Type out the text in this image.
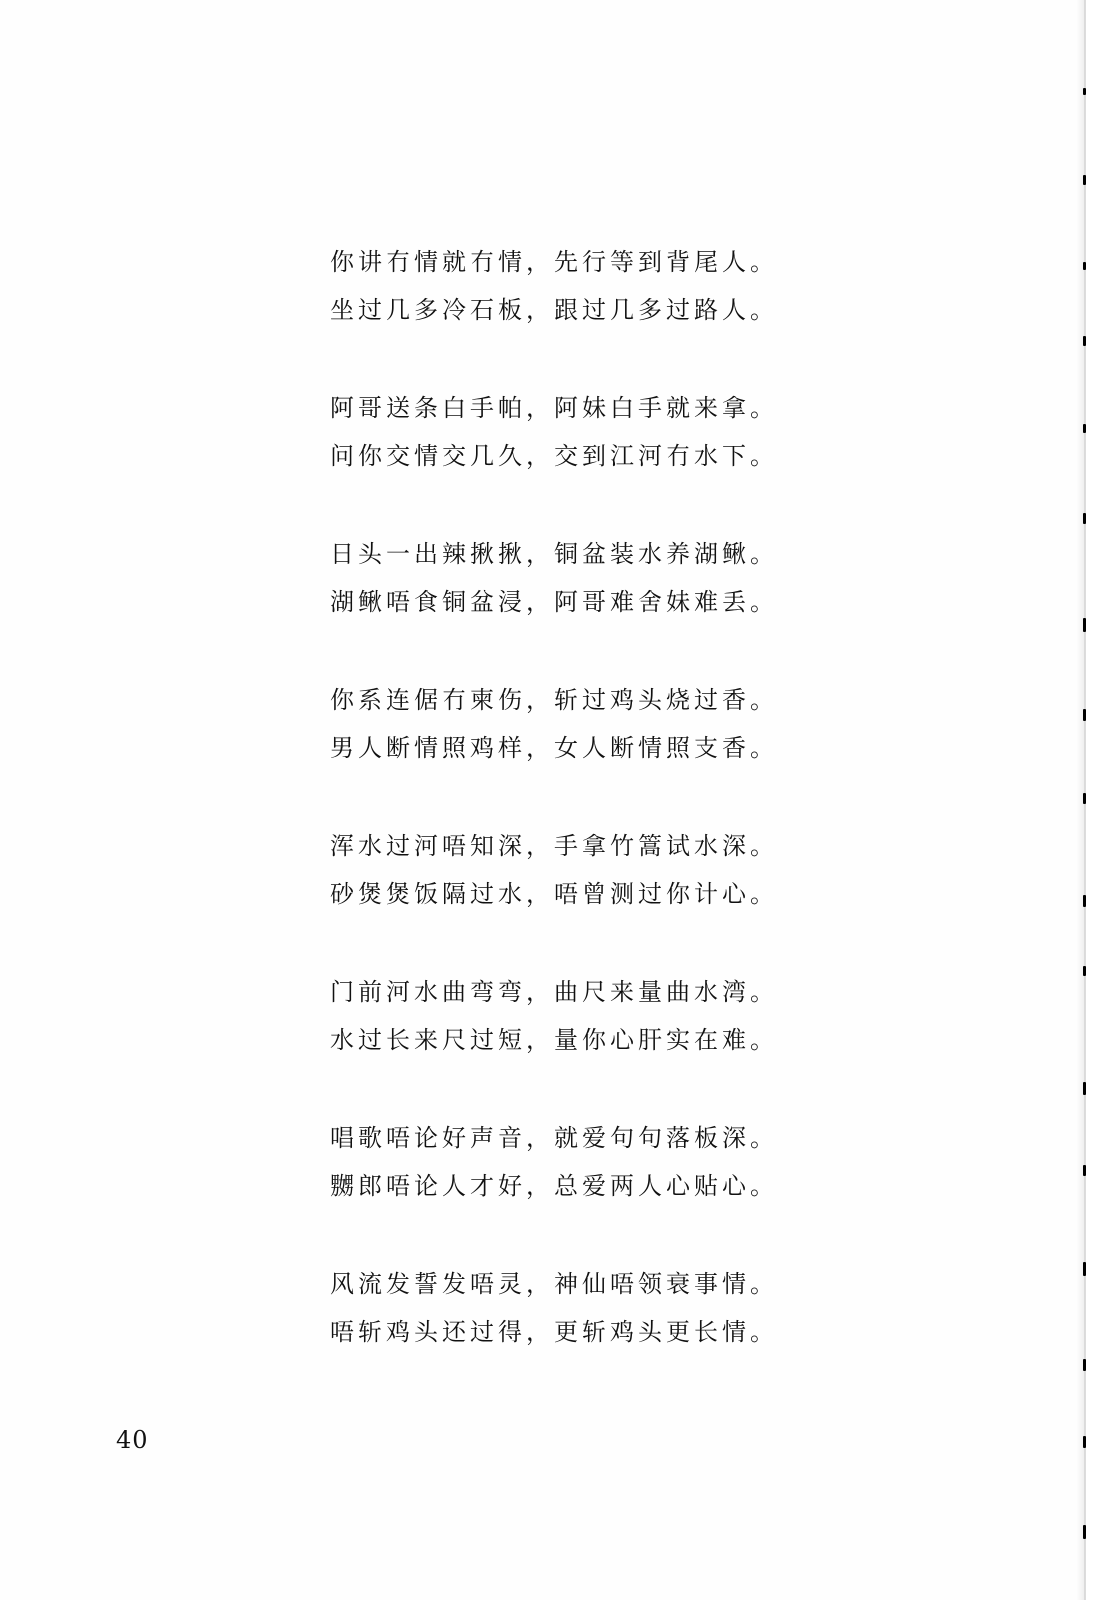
你讲冇情就冇情，先行等到背尾人。
坐过几多冷石板，跟过几多过路人。
阿哥送条白手帕，阿妹白手就来拿。
问你交情交几久，交到江河冇水下。
日头一出辣揪揪，铜盆装水养湖鳅。
湖鳅唔食铜盆浸，阿哥难舍妹难丢。
你系连倨冇柬伤，斩过鸡头烧过香。
男人断情照鸡样，女人断情照支香。
浑水过河唔知深，手拿竹篙试水深。
砂煲煲饭隔过水，唔曾测过你计心。
门前河水曲弯弯，曲尺来量曲水湾。
水过长来尺过短，量你心肝实在难。
唱歌唔论好声音，就爱句句落板深。
嬲郎唔论人才好，总爱两人心贴心。
风流发誓发唔灵，神仙唔领衰事情。
唔斩鸡头还过得，更斩鸡头更长情。
40
